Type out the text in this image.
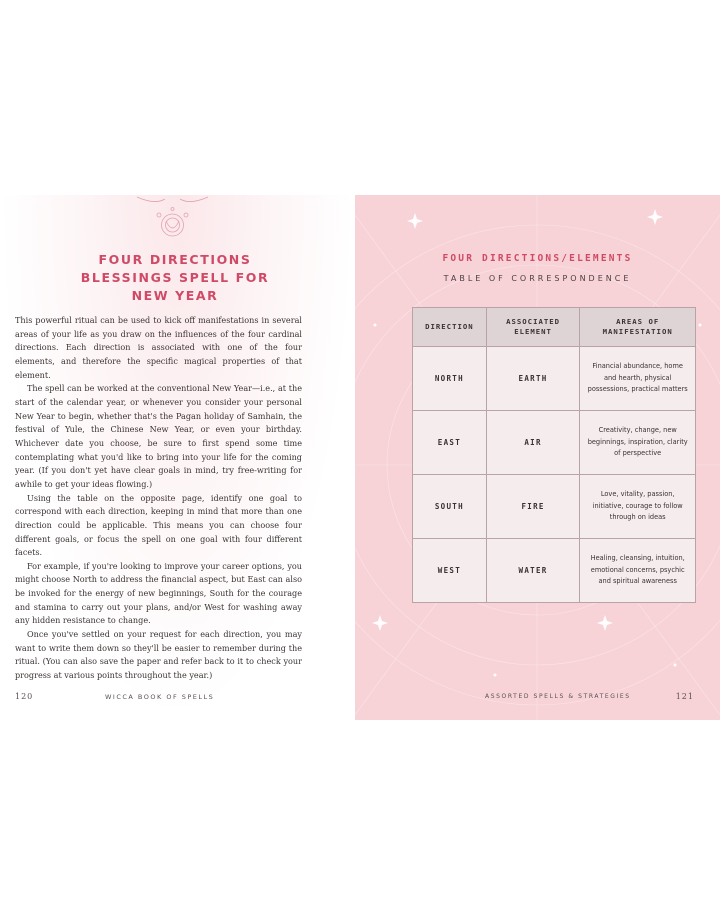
FOUR DIRECTIONS
BLESSINGS SPELL FOR
NEW YEAR

This powerful ritual can be used to kick off manifestations in several areas of your life as you draw on the influences of the four cardinal directions. Each direction is associated with one of the four elements, and therefore the specific magical properties of that element.

The spell can be worked at the conventional New Year—i.e., at the start of the calendar year, or whenever you consider your personal New Year to begin, whether that's the Pagan holiday of Samhain, the festival of Yule, the Chinese New Year, or even your birthday. Whichever date you choose, be sure to first spend some time contemplating what you'd like to bring into your life for the coming year. (If you don't yet have clear goals in mind, try free-writing for awhile to get your ideas flowing.)

Using the table on the opposite page, identify one goal to correspond with each direction, keeping in mind that more than one direction could be applicable. This means you can choose four different goals, or focus the spell on one goal with four different facets.

For example, if you're looking to improve your career options, you might choose North to address the financial aspect, but East can also be invoked for the energy of new beginnings, South for the courage and stamina to carry out your plans, and/or West for washing away any hidden resistance to change.

Once you've settled on your request for each direction, you may want to write them down so they'll be easier to remember during the ritual. (You can also save the paper and refer back to it to check your progress at various points throughout the year.)

120	WICCA BOOK OF SPELLS
FOUR DIRECTIONS/ELEMENTS
TABLE OF CORRESPONDENCE
DIRECTION	ASSOCIATED ELEMENT	AREAS OF MANIFESTATION
NORTH	EARTH	Financial abundance, home and hearth, physical possessions, practical matters
EAST	AIR	Creativity, change, new beginnings, inspiration, clarity of perspective
SOUTH	FIRE	Love, vitality, passion, initiative, courage to follow through on ideas
WEST	WATER	Healing, cleansing, intuition, emotional concerns, psychic and spiritual awareness
ASSORTED SPELLS & STRATEGIES	121
